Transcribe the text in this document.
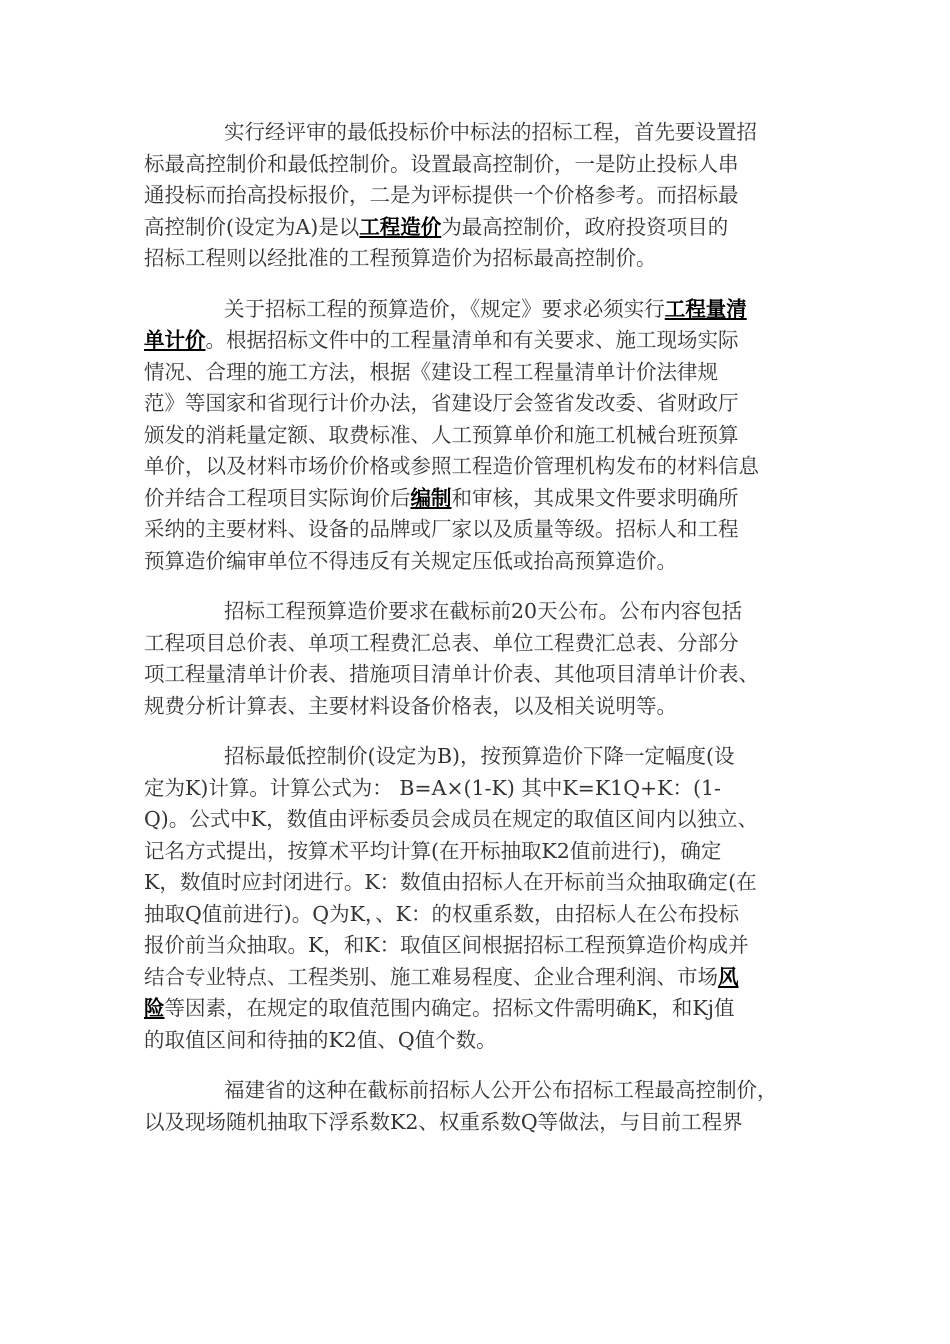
实行经评审的最低投标价中标法的招标工程，首先要设置招
标最高控制价和最低控制价。设置最高控制价，一是防止投标人串
通投标而抬高投标报价，二是为评标提供一个价格参考。而招标最
高控制价(设定为A)是以工程造价为最高控制价，政府投资项目的
招标工程则以经批准的工程预算造价为招标最高控制价。

关于招标工程的预算造价，《规定》要求必须实行工程量清
单计价。根据招标文件中的工程量清单和有关要求、施工现场实际
情况、合理的施工方法，根据《建设工程工程量清单计价法律规
范》等国家和省现行计价办法，省建设厅会签省发改委、省财政厅
颁发的消耗量定额、取费标准、人工预算单价和施工机械台班预算
单价，以及材料市场价价格或参照工程造价管理机构发布的材料信息
价并结合工程项目实际询价后编制和审核，其成果文件要求明确所
采纳的主要材料、设备的品牌或厂家以及质量等级。招标人和工程
预算造价编审单位不得违反有关规定压低或抬高预算造价。

招标工程预算造价要求在截标前20天公布。公布内容包括
工程项目总价表、单项工程费汇总表、单位工程费汇总表、分部分
项工程量清单计价表、措施项目清单计价表、其他项目清单计价表、
规费分析计算表、主要材料设备价格表，以及相关说明等。

招标最低控制价(设定为B)，按预算造价下降一定幅度(设
定为K)计算。计算公式为： B=A×(1-K) 其中K=K1Q+K：(1-
Q)。公式中K，数值由评标委员会成员在规定的取值区间内以独立、
记名方式提出，按算术平均计算(在开标抽取K2值前进行)，确定
K，数值时应封闭进行。K：数值由招标人在开标前当众抽取确定(在
抽取Q值前进行)。Q为K，、K：的权重系数，由招标人在公布投标
报价前当众抽取。K，和K：取值区间根据招标工程预算造价构成并
结合专业特点、工程类别、施工难易程度、企业合理利润、市场风
险等因素，在规定的取值范围内确定。招标文件需明确K，和Kj值
的取值区间和待抽的K2值、Q值个数。

福建省的这种在截标前招标人公开公布招标工程最高控制价，
以及现场随机抽取下浮系数K2、权重系数Q等做法，与目前工程界
